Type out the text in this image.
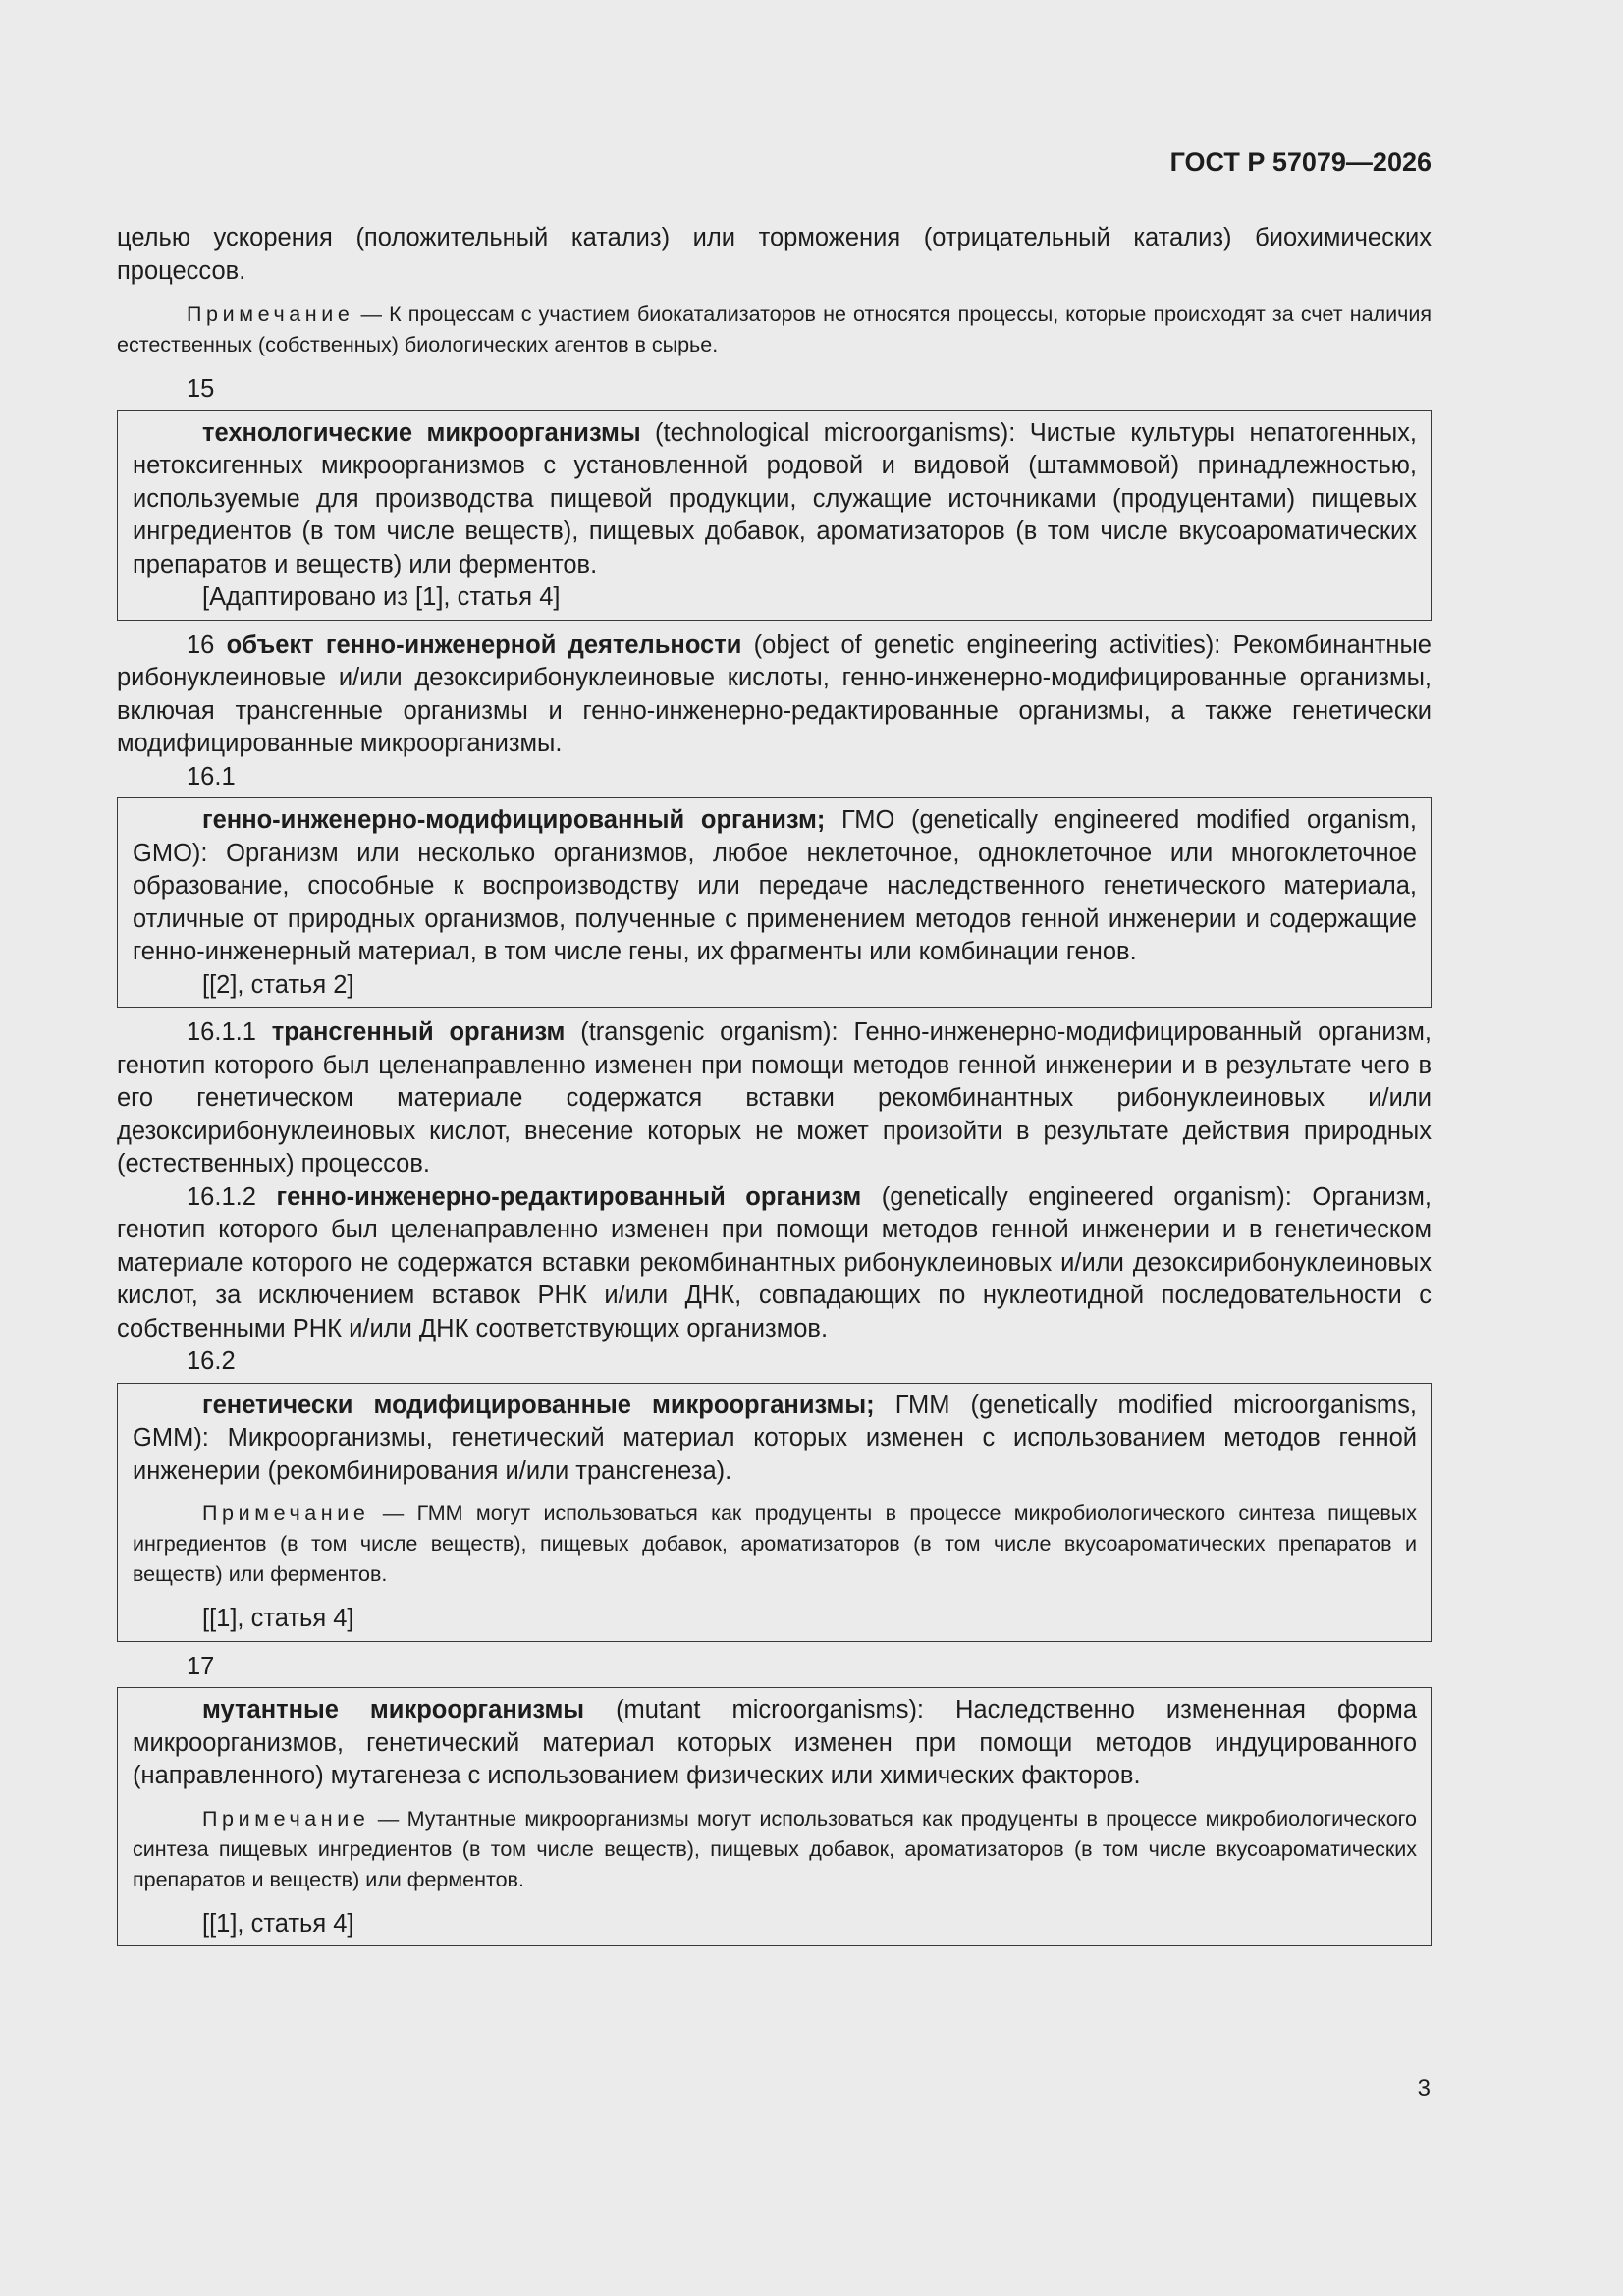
ГОСТ Р 57079—2026

целью ускорения (положительный катализ) или торможения (отрицательный катализ) биохимических процессов.

Примечание — К процессам с участием биокатализаторов не относятся процессы, которые происходят за счет наличия естественных (собственных) биологических агентов в сырье.

15

технологические микроорганизмы (technological microorganisms): Чистые культуры непатогенных, нетоксигенных микроорганизмов с установленной родовой и видовой (штаммовой) принадлежностью, используемые для производства пищевой продукции, служащие источниками (продуцентами) пищевых ингредиентов (в том числе веществ), пищевых добавок, ароматизаторов (в том числе вкусоароматических препаратов и веществ) или ферментов.

[Адаптировано из [1], статья 4]

16 объект генно-инженерной деятельности (object of genetic engineering activities): Рекомбинантные рибонуклеиновые и/или дезоксирибонуклеиновые кислоты, генно-инженерно-модифицированные организмы, включая трансгенные организмы и генно-инженерно-редактированные организмы, а также генетически модифицированные микроорганизмы.

16.1

генно-инженерно-модифицированный организм; ГМО (genetically engineered modified organism, GMO): Организм или несколько организмов, любое неклеточное, одноклеточное или многоклеточное образование, способные к воспроизводству или передаче наследственного генетического материала, отличные от природных организмов, полученные с применением методов генной инженерии и содержащие генно-инженерный материал, в том числе гены, их фрагменты или комбинации генов.

[[2], статья 2]

16.1.1 трансгенный организм (transgenic organism): Генно-инженерно-модифицированный организм, генотип которого был целенаправленно изменен при помощи методов генной инженерии и в результате чего в его генетическом материале содержатся вставки рекомбинантных рибонуклеиновых и/или дезоксирибонуклеиновых кислот, внесение которых не может произойти в результате действия природных (естественных) процессов.

16.1.2 генно-инженерно-редактированный организм (genetically engineered organism): Организм, генотип которого был целенаправленно изменен при помощи методов генной инженерии и в генетическом материале которого не содержатся вставки рекомбинантных рибонуклеиновых и/или дезоксирибонуклеиновых кислот, за исключением вставок РНК и/или ДНК, совпадающих по нуклеотидной последовательности с собственными РНК и/или ДНК соответствующих организмов.

16.2

генетически модифицированные микроорганизмы; ГММ (genetically modified microorganisms, GMM): Микроорганизмы, генетический материал которых изменен с использованием методов генной инженерии (рекомбинирования и/или трансгенеза).

Примечание — ГММ могут использоваться как продуценты в процессе микробиологического синтеза пищевых ингредиентов (в том числе веществ), пищевых добавок, ароматизаторов (в том числе вкусоароматических препаратов и веществ) или ферментов.

[[1], статья 4]

17

мутантные микроорганизмы (mutant microorganisms): Наследственно измененная форма микроорганизмов, генетический материал которых изменен при помощи методов индуцированного (направленного) мутагенеза с использованием физических или химических факторов.

Примечание — Мутантные микроорганизмы могут использоваться как продуценты в процессе микробиологического синтеза пищевых ингредиентов (в том числе веществ), пищевых добавок, ароматизаторов (в том числе вкусоароматических препаратов и веществ) или ферментов.

[[1], статья 4]

3
